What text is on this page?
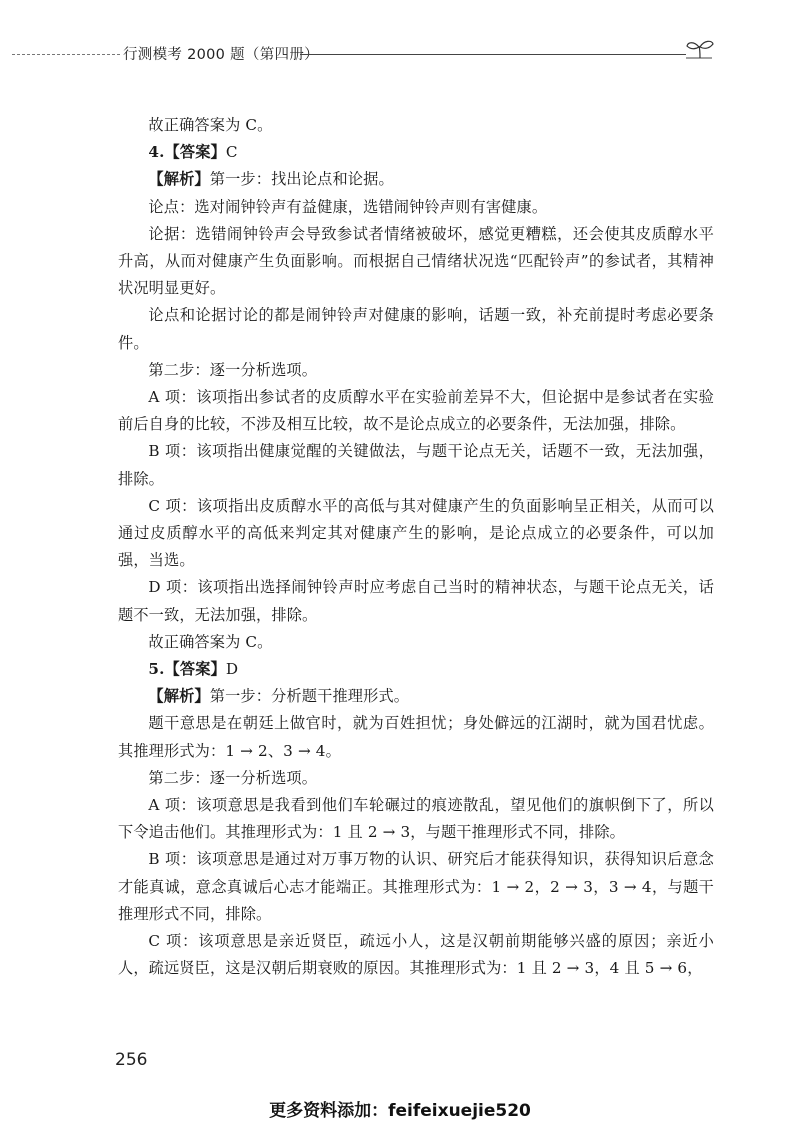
行测模考 2000 题（第四册）

故正确答案为 C。

4.【答案】C

【解析】第一步：找出论点和论据。

论点：选对闹钟铃声有益健康，选错闹钟铃声则有害健康。

论据：选错闹钟铃声会导致参试者情绪被破坏，感觉更糟糕，还会使其皮质醇水平升高，从而对健康产生负面影响。而根据自己情绪状况选“匹配铃声”的参试者，其精神状况明显更好。

论点和论据讨论的都是闹钟铃声对健康的影响，话题一致，补充前提时考虑必要条件。

第二步：逐一分析选项。

A 项：该项指出参试者的皮质醇水平在实验前差异不大，但论据中是参试者在实验前后自身的比较，不涉及相互比较，故不是论点成立的必要条件，无法加强，排除。

B 项：该项指出健康觉醒的关键做法，与题干论点无关，话题不一致，无法加强，排除。

C 项：该项指出皮质醇水平的高低与其对健康产生的负面影响呈正相关，从而可以通过皮质醇水平的高低来判定其对健康产生的影响，是论点成立的必要条件，可以加强，当选。

D 项：该项指出选择闹钟铃声时应考虑自己当时的精神状态，与题干论点无关，话题不一致，无法加强，排除。

故正确答案为 C。

5.【答案】D

【解析】第一步：分析题干推理形式。

题干意思是在朝廷上做官时，就为百姓担忧；身处僻远的江湖时，就为国君忧虑。其推理形式为：1 → 2、3 → 4。

第二步：逐一分析选项。

A 项：该项意思是我看到他们车轮碾过的痕迹散乱，望见他们的旗帜倒下了，所以下令追击他们。其推理形式为：1 且 2 → 3，与题干推理形式不同，排除。

B 项：该项意思是通过对万事万物的认识、研究后才能获得知识，获得知识后意念才能真诚，意念真诚后心志才能端正。其推理形式为：1 → 2，2 → 3，3 → 4，与题干推理形式不同，排除。

C 项：该项意思是亲近贤臣，疏远小人，这是汉朝前期能够兴盛的原因；亲近小人，疏远贤臣，这是汉朝后期衰败的原因。其推理形式为：1 且 2 → 3，4 且 5 → 6，

256
更多资料添加：feifeixuejie520
